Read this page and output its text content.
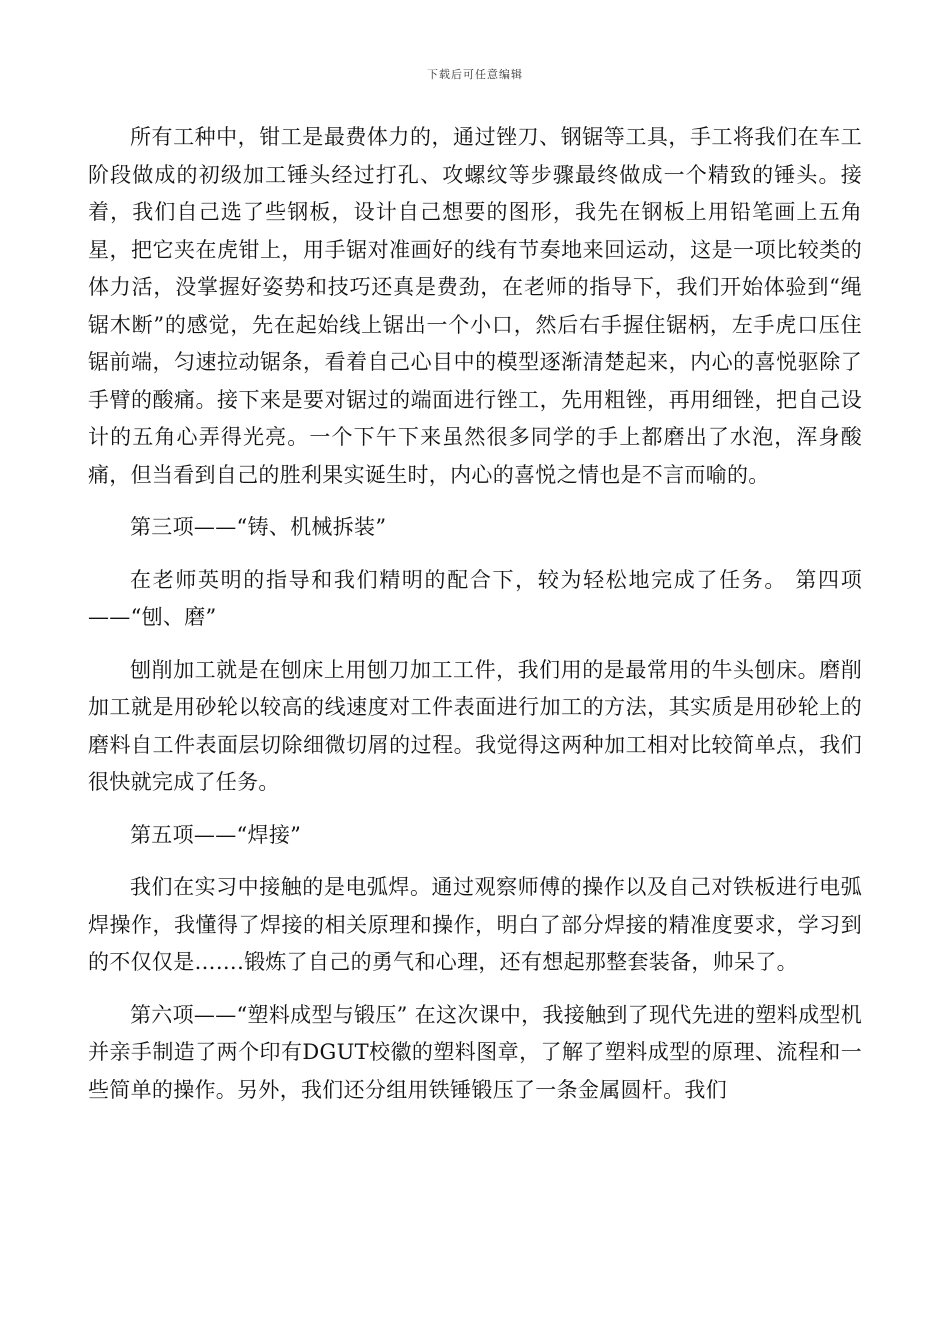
下载后可任意编辑

所有工种中，钳工是最费体力的，通过锉刀、钢锯等工具，手工将我们在车工阶段做成的初级加工锤头经过打孔、攻螺纹等步骤最终做成一个精致的锤头。接着，我们自己选了些钢板，设计自己想要的图形，我先在钢板上用铅笔画上五角星，把它夹在虎钳上，用手锯对准画好的线有节奏地来回运动，这是一项比较类的体力活，没掌握好姿势和技巧还真是费劲，在老师的指导下，我们开始体验到“绳锯木断”的感觉，先在起始线上锯出一个小口，然后右手握住锯柄，左手虎口压住锯前端，匀速拉动锯条，看着自己心目中的模型逐渐清楚起来，内心的喜悦驱除了手臂的酸痛。接下来是要对锯过的端面进行锉工，先用粗锉，再用细锉，把自己设计的五角心弄得光亮。一个下午下来虽然很多同学的手上都磨出了水泡，浑身酸痛，但当看到自己的胜利果实诞生时，内心的喜悦之情也是不言而喻的。

第三项——“铸、机械拆装”

在老师英明的指导和我们精明的配合下，较为轻松地完成了任务。 第四项——“刨、磨”

刨削加工就是在刨床上用刨刀加工工件，我们用的是最常用的牛头刨床。磨削加工就是用砂轮以较高的线速度对工件表面进行加工的方法，其实质是用砂轮上的磨料自工件表面层切除细微切屑的过程。我觉得这两种加工相对比较简单点，我们很快就完成了任务。

第五项——“焊接”

我们在实习中接触的是电弧焊。通过观察师傅的操作以及自己对铁板进行电弧焊操作，我懂得了焊接的相关原理和操作，明白了部分焊接的精准度要求，学习到的不仅仅是…….锻炼了自己的勇气和心理，还有想起那整套装备，帅呆了。

第六项——“塑料成型与锻压” 在这次课中，我接触到了现代先进的塑料成型机并亲手制造了两个印有DGUT校徽的塑料图章，了解了塑料成型的原理、流程和一些简单的操作。另外，我们还分组用铁锤锻压了一条金属圆杆。我们
